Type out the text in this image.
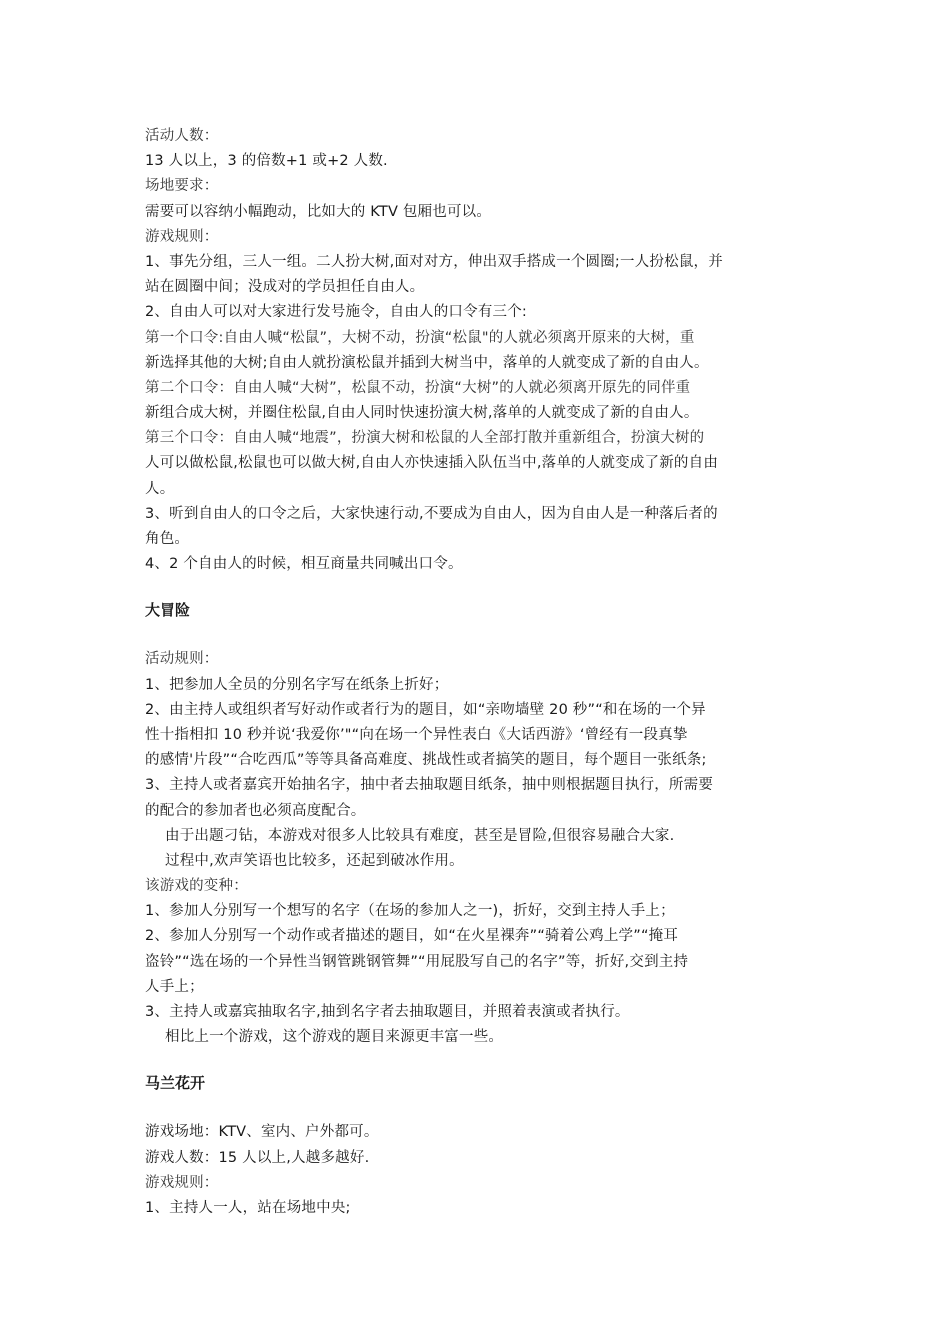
活动人数：
13 人以上，3 的倍数+1 或+2 人数.
场地要求：
需要可以容纳小幅跑动，比如大的 KTV 包厢也可以。
游戏规则：
1、事先分组，三人一组。二人扮大树,面对对方，伸出双手搭成一个圆圈;一人扮松鼠，并
站在圆圈中间；没成对的学员担任自由人。
2、自由人可以对大家进行发号施令，自由人的口令有三个:
第一个口令:自由人喊“松鼠”，大树不动，扮演“松鼠"的人就必须离开原来的大树，重
新选择其他的大树;自由人就扮演松鼠并插到大树当中，落单的人就变成了新的自由人。
第二个口令：自由人喊“大树”，松鼠不动，扮演“大树”的人就必须离开原先的同伴重
新组合成大树，并圈住松鼠,自由人同时快速扮演大树,落单的人就变成了新的自由人。
第三个口令：自由人喊“地震”，扮演大树和松鼠的人全部打散并重新组合，扮演大树的
人可以做松鼠,松鼠也可以做大树,自由人亦快速插入队伍当中,落单的人就变成了新的自由
人。
3、听到自由人的口令之后，大家快速行动,不要成为自由人，因为自由人是一种落后者的
角色。
4、2 个自由人的时候，相互商量共同喊出口令。
大冒险
活动规则：
1、把参加人全员的分别名字写在纸条上折好；
2、由主持人或组织者写好动作或者行为的题目，如“亲吻墙壁 20 秒”“和在场的一个异
性十指相扣 10 秒并说‘我爱你’"“向在场一个异性表白《大话西游》‘曾经有一段真挚
的感情'片段”“合吃西瓜”等等具备高难度、挑战性或者搞笑的题目，每个题目一张纸条;
3、主持人或者嘉宾开始抽名字，抽中者去抽取题目纸条，抽中则根据题目执行，所需要
的配合的参加者也必须高度配合。
由于出题刁钻，本游戏对很多人比较具有难度，甚至是冒险,但很容易融合大家.
过程中,欢声笑语也比较多，还起到破冰作用。
该游戏的变种：
1、参加人分别写一个想写的名字（在场的参加人之一)，折好，交到主持人手上；
2、参加人分别写一个动作或者描述的题目，如“在火星裸奔”“骑着公鸡上学”“掩耳
盗铃”“选在场的一个异性当钢管跳钢管舞”“用屁股写自己的名字”等，折好,交到主持
人手上；
3、主持人或嘉宾抽取名字,抽到名字者去抽取题目，并照着表演或者执行。
相比上一个游戏，这个游戏的题目来源更丰富一些。
马兰花开
游戏场地：KTV、室内、户外都可。
游戏人数：15 人以上,人越多越好.
游戏规则：
1、主持人一人，站在场地中央;
